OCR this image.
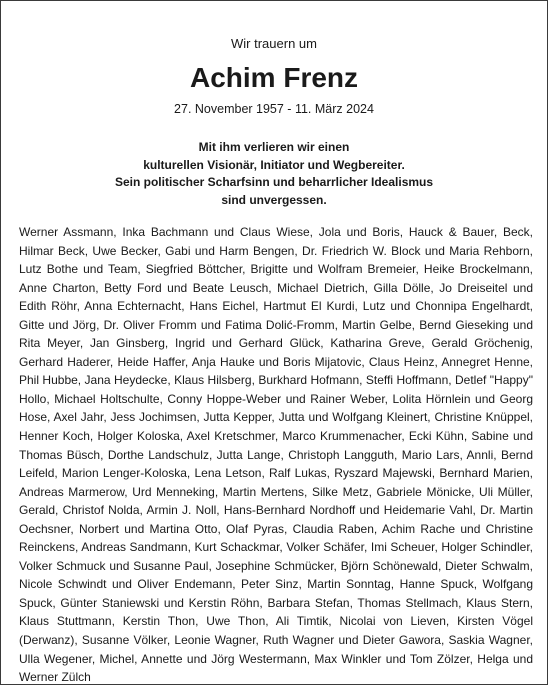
Wir trauern um
Achim Frenz
27. November 1957 - 11. März 2024
Mit ihm verlieren wir einen
kulturellen Visionär, Initiator und Wegbereiter.
Sein politischer Scharfsinn und beharrlicher Idealismus
sind unvergessen.
Werner Assmann, Inka Bachmann und Claus Wiese, Jola und Boris, Hauck & Bauer, Beck, Hilmar Beck, Uwe Becker, Gabi und Harm Bengen, Dr. Friedrich W. Block und Maria Rehborn, Lutz Bothe und Team, Siegfried Böttcher, Brigitte und Wolfram Bremeier, Heike Brockelmann, Anne Charton, Betty Ford und Beate Leusch, Michael Dietrich, Gilla Dölle, Jo Dreiseitel und Edith Röhr, Anna Echternacht, Hans Eichel, Hartmut El Kurdi, Lutz und Chonnipa Engelhardt, Gitte und Jörg, Dr. Oliver Fromm und Fatima Dolić-Fromm, Martin Gelbe, Bernd Gieseking und Rita Meyer, Jan Ginsberg, Ingrid und Gerhard Glück, Katharina Greve, Gerald Gröchenig, Gerhard Haderer, Heide Haffer, Anja Hauke und Boris Mijatovic, Claus Heinz, Annegret Henne, Phil Hubbe, Jana Heydecke, Klaus Hilsberg, Burkhard Hofmann, Steffi Hoffmann, Detlef "Happy" Hollo, Michael Holtschulte, Conny Hoppe-Weber und Rainer Weber, Lolita Hörnlein und Georg Hose, Axel Jahr, Jess Jochimsen, Jutta Kepper, Jutta und Wolfgang Kleinert, Christine Knüppel, Henner Koch, Holger Koloska, Axel Kretschmer, Marco Krummenacher, Ecki Kühn, Sabine und Thomas Büsch, Dorthe Landschulz, Jutta Lange, Christoph Langguth, Mario Lars, Annli, Bernd Leifeld, Marion Lenger-Koloska, Lena Letson, Ralf Lukas, Ryszard Majewski, Bernhard Marien, Andreas Marmerow, Urd Menneking, Martin Mertens, Silke Metz, Gabriele Mönicke, Uli Müller, Gerald, Christof Nolda, Armin J. Noll, Hans-Bernhard Nordhoff und Heidemarie Vahl, Dr. Martin Oechsner, Norbert und Martina Otto, Olaf Pyras, Claudia Raben, Achim Rache und Christine Reinckens, Andreas Sandmann, Kurt Schackmar, Volker Schäfer, Imi Scheuer, Holger Schindler, Volker Schmuck und Susanne Paul, Josephine Schmücker, Björn Schönewald, Dieter Schwalm, Nicole Schwindt und Oliver Endemann, Peter Sinz, Martin Sonntag, Hanne Spuck, Wolfgang Spuck, Günter Staniewski und Kerstin Röhn, Barbara Stefan, Thomas Stellmach, Klaus Stern, Klaus Stuttmann, Kerstin Thon, Uwe Thon, Ali Timtik, Nicolai von Lieven, Kirsten Vögel (Derwanz), Susanne Völker, Leonie Wagner, Ruth Wagner und Dieter Gawora, Saskia Wagner, Ulla Wegener, Michel, Annette und Jörg Westermann, Max Winkler und Tom Zölzer, Helga und Werner Zülch
